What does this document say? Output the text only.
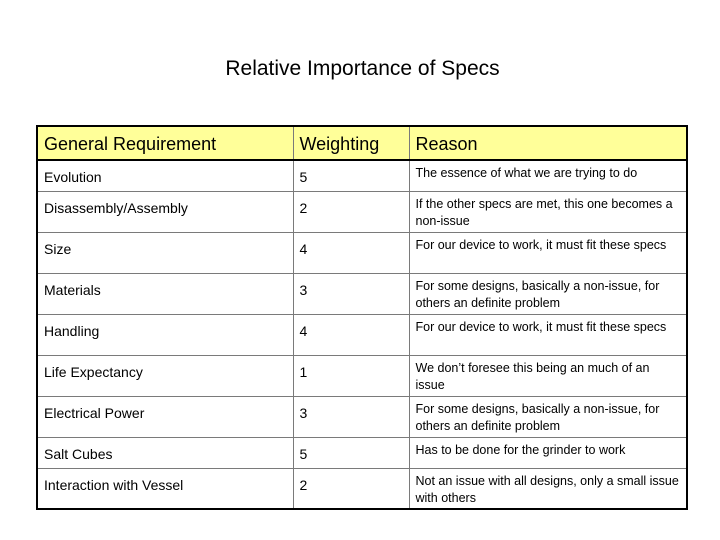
Relative Importance of Specs
General Requirement	Weighting	Reason
Evolution	5	The essence of what we are trying to do
Disassembly/Assembly	2	If the other specs are met, this one becomes a non-issue
Size	4	For our device to work, it must fit these specs
Materials	3	For some designs, basically a non-issue, for others an definite problem
Handling	4	For our device to work, it must fit these specs
Life Expectancy	1	We don’t foresee this being an much of an issue
Electrical Power	3	For some designs, basically a non-issue, for others an definite problem
Salt Cubes	5	Has to be done for the grinder to work
Interaction with Vessel	2	Not an issue with all designs, only a small issue with others
